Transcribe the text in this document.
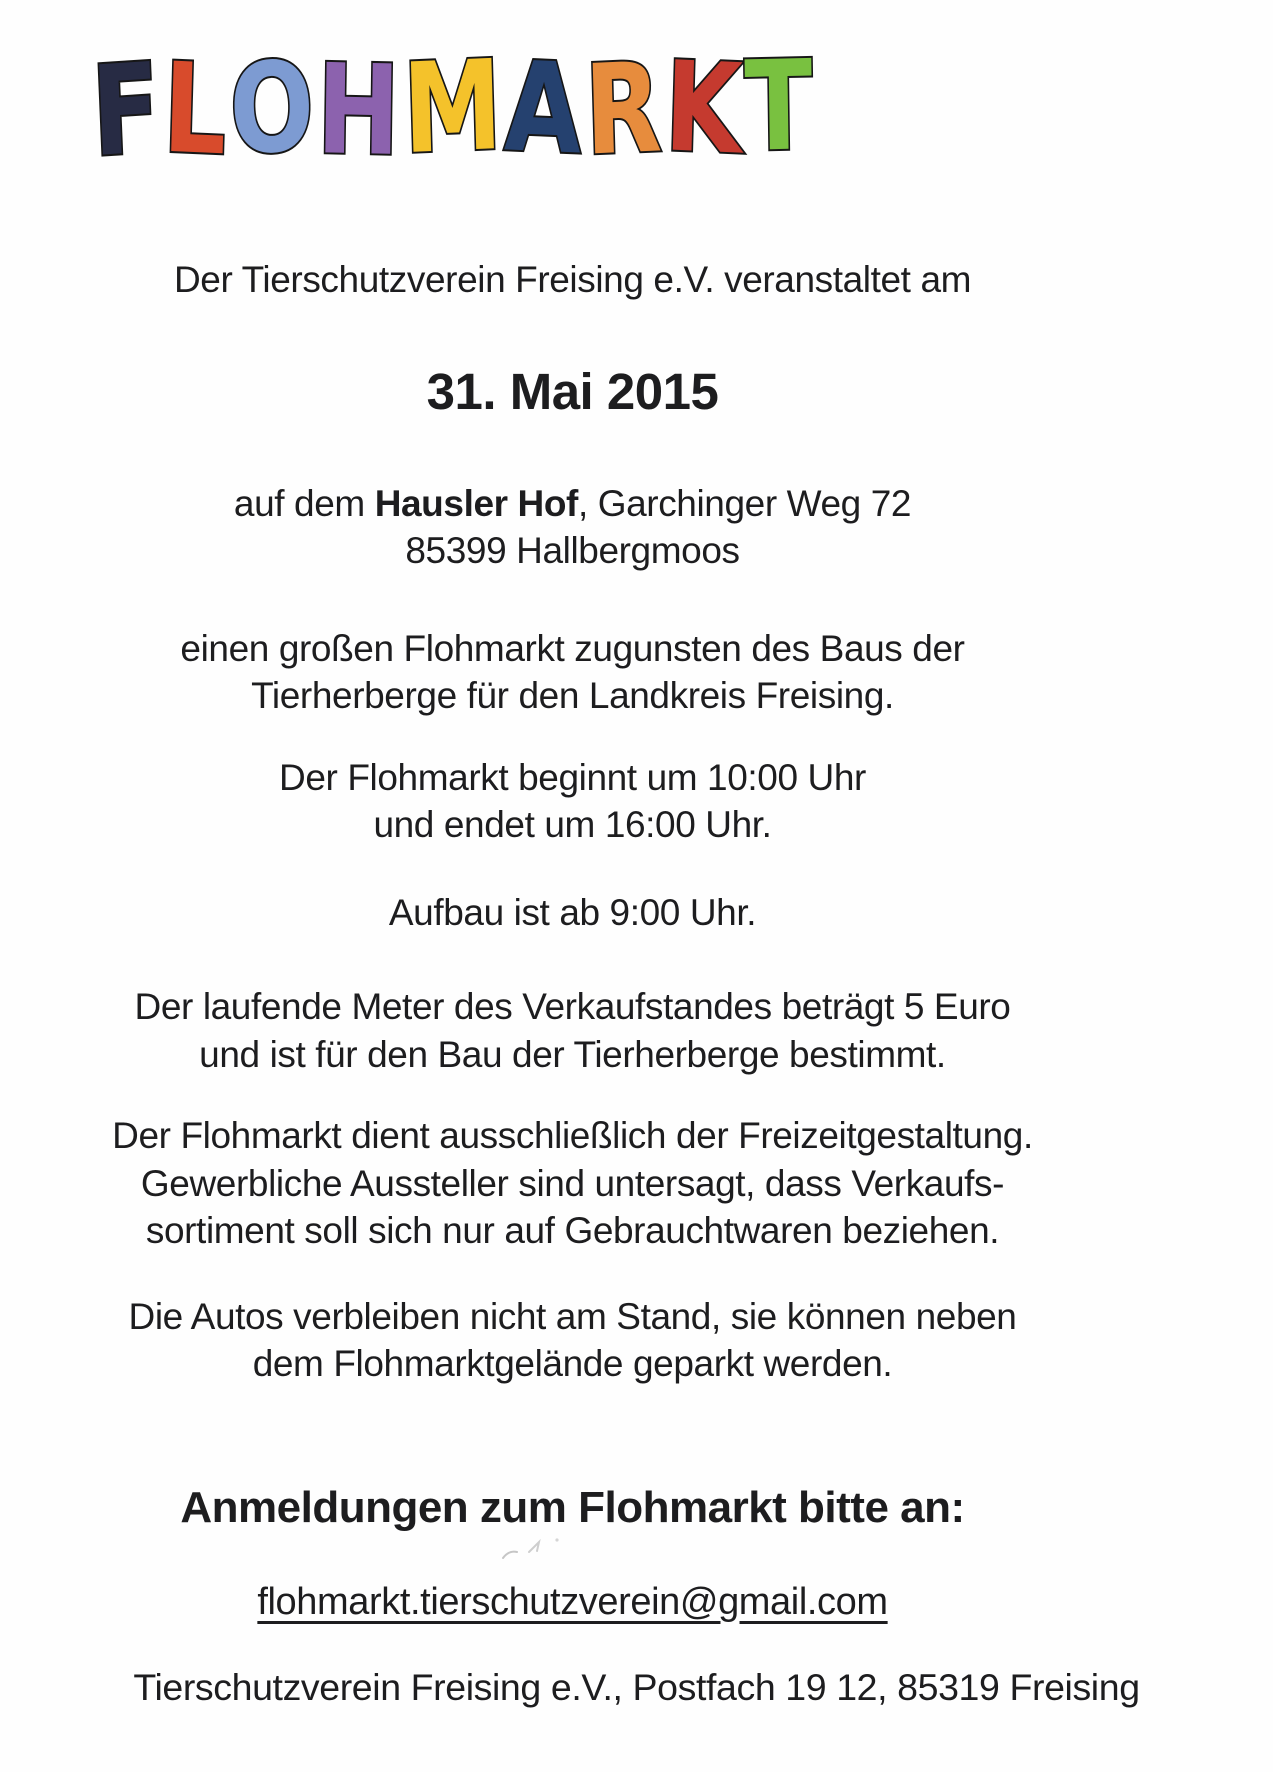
FLOHMARKT
Der Tierschutzverein Freising e.V. veranstaltet am
31. Mai 2015
auf dem Hausler Hof, Garchinger Weg 72
85399 Hallbergmoos
einen großen Flohmarkt zugunsten des Baus der
Tierherberge für den Landkreis Freising.
Der Flohmarkt beginnt um 10:00 Uhr
und endet um 16:00 Uhr.
Aufbau ist ab 9:00 Uhr.
Der laufende Meter des Verkaufstandes beträgt 5 Euro
und ist für den Bau der Tierherberge bestimmt.
Der Flohmarkt dient ausschließlich der Freizeitgestaltung.
Gewerbliche Aussteller sind untersagt, dass Verkaufs-
sortiment soll sich nur auf Gebrauchtwaren beziehen.
Die Autos verbleiben nicht am Stand, sie können neben
dem Flohmarktgelände geparkt werden.
Anmeldungen zum Flohmarkt bitte an:
flohmarkt.tierschutzverein@gmail.com
Tierschutzverein Freising e.V., Postfach 19 12, 85319 Freising
